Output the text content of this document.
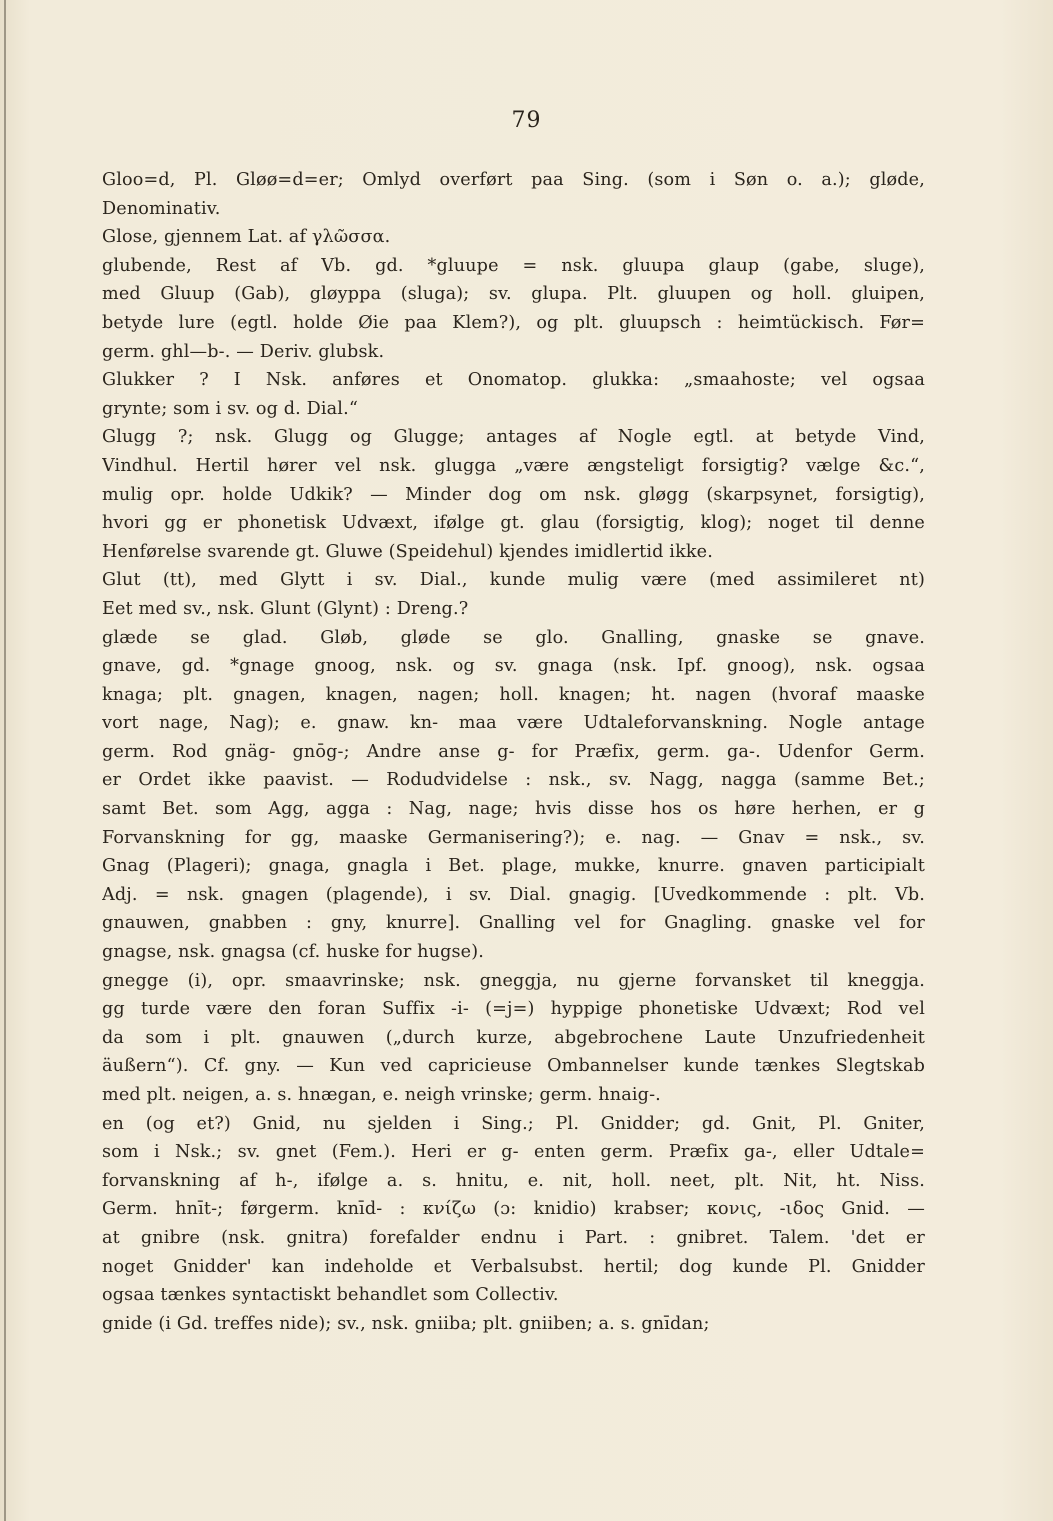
79
Gloo=d, Pl. Gløø=d=er; Omlyd overført paa Sing. (som i Søn o. a.); gløde,
Denominativ.
Glose, gjennem Lat. af γλῶσσα.
glubende, Rest af Vb. gd. *gluupe = nsk. gluupa glaup (gabe, sluge),
med Gluup (Gab), gløyppa (sluga); sv. glupa. Plt. gluupen og holl. gluipen,
betyde lure (egtl. holde Øie paa Klem?), og plt. gluupsch : heimtückisch. Før=
germ. ghl—b-. — Deriv. glubsk.
Glukker ? I Nsk. anføres et Onomatop. glukka: „smaahoste; vel ogsaa
grynte; som i sv. og d. Dial.“
Glugg ?; nsk. Glugg og Glugge; antages af Nogle egtl. at betyde Vind,
Vindhul. Hertil hører vel nsk. glugga „være ængsteligt forsigtig? vælge &c.“,
mulig opr. holde Udkik? — Minder dog om nsk. gløgg (skarpsynet, forsigtig),
hvori gg er phonetisk Udvæxt, ifølge gt. glau (forsigtig, klog); noget til denne
Henførelse svarende gt. Gluwe (Speidehul) kjendes imidlertid ikke.
Glut (tt), med Glytt i sv. Dial., kunde mulig være (med assimileret nt)
Eet med sv., nsk. Glunt (Glynt) : Dreng.?
glæde se glad. Gløb, gløde se glo. Gnalling, gnaske se gnave.
gnave, gd. *gnage gnoog, nsk. og sv. gnaga (nsk. Ipf. gnoog), nsk. ogsaa
knaga; plt. gnagen, knagen, nagen; holl. knagen; ht. nagen (hvoraf maaske
vort nage, Nag); e. gnaw. kn- maa være Udtaleforvanskning. Nogle antage
germ. Rod gnäg- gnōg-; Andre anse g- for Præfix, germ. ga-. Udenfor Germ.
er Ordet ikke paavist. — Rodudvidelse : nsk., sv. Nagg, nagga (samme Bet.;
samt Bet. som Agg, agga : Nag, nage; hvis disse hos os høre herhen, er g
Forvanskning for gg, maaske Germanisering?); e. nag. — Gnav = nsk., sv.
Gnag (Plageri); gnaga, gnagla i Bet. plage, mukke, knurre. gnaven participialt
Adj. = nsk. gnagen (plagende), i sv. Dial. gnagig. [Uvedkommende : plt. Vb.
gnauwen, gnabben : gny, knurre]. Gnalling vel for Gnagling. gnaske vel for
gnagse, nsk. gnagsa (cf. huske for hugse).
gnegge (i), opr. smaavrinske; nsk. gneggja, nu gjerne forvansket til kneggja.
gg turde være den foran Suffix -i- (=j=) hyppige phonetiske Udvæxt; Rod vel
da som i plt. gnauwen („durch kurze, abgebrochene Laute Unzufriedenheit
äußern“). Cf. gny. — Kun ved capricieuse Ombannelser kunde tænkes Slegtskab
med plt. neigen, a. s. hnægan, e. neigh vrinske; germ. hnaig-.
en (og et?) Gnid, nu sjelden i Sing.; Pl. Gnidder; gd. Gnit, Pl. Gniter,
som i Nsk.; sv. gnet (Fem.). Heri er g- enten germ. Præfix ga-, eller Udtale=
forvanskning af h-, ifølge a. s. hnitu, e. nit, holl. neet, plt. Nit, ht. Niss.
Germ. hnīt-; førgerm. knīd- : κνίζω (ɔ: knidio) krabser; κονις, -ιδος Gnid. —
at gnibre (nsk. gnitra) forefalder endnu i Part. : gnibret. Talem. 'det er
noget Gnidder' kan indeholde et Verbalsubst. hertil; dog kunde Pl. Gnidder
ogsaa tænkes syntactiskt behandlet som Collectiv.
gnide (i Gd. treffes nide); sv., nsk. gniiba; plt. gniiben; a. s. gnīdan;
